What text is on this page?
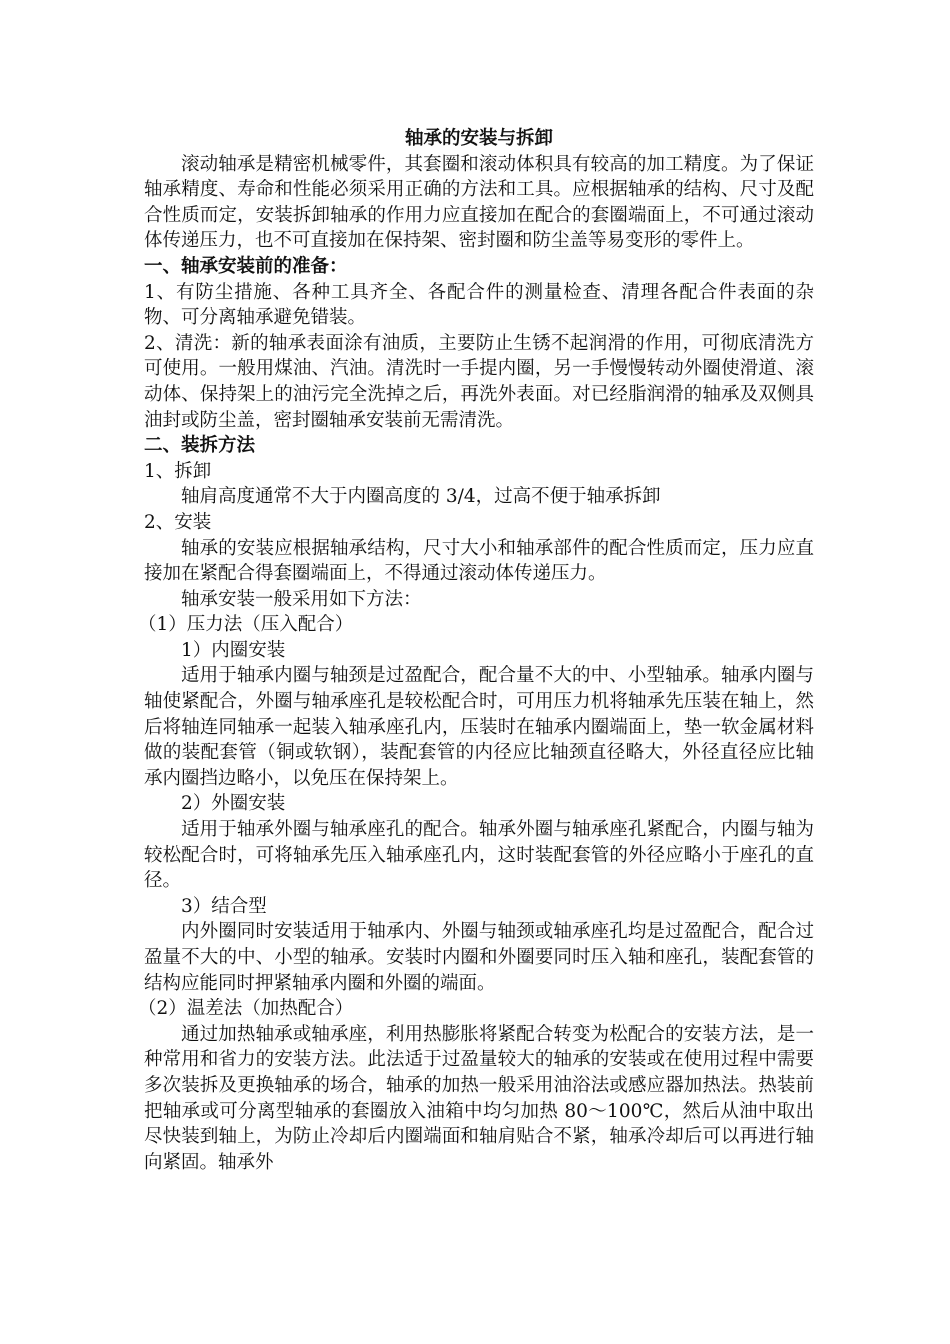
轴承的安装与拆卸

滚动轴承是精密机械零件，其套圈和滚动体积具有较高的加工精度。为了保证轴承精度、寿命和性能必须采用正确的方法和工具。应根据轴承的结构、尺寸及配合性质而定，安装拆卸轴承的作用力应直接加在配合的套圈端面上，不可通过滚动体传递压力，也不可直接加在保持架、密封圈和防尘盖等易变形的零件上。

一、轴承安装前的准备：

1、有防尘措施、各种工具齐全、各配合件的测量检查、清理各配合件表面的杂物、可分离轴承避免错装。

2、清洗：新的轴承表面涂有油质，主要防止生锈不起润滑的作用，可彻底清洗方可使用。一般用煤油、汽油。清洗时一手提内圈，另一手慢慢转动外圈使滑道、滚动体、保持架上的油污完全洗掉之后，再洗外表面。对已经脂润滑的轴承及双侧具油封或防尘盖，密封圈轴承安装前无需清洗。

二、装拆方法

1、拆卸

轴肩高度通常不大于内圈高度的 3/4，过高不便于轴承拆卸

2、安装

轴承的安装应根据轴承结构，尺寸大小和轴承部件的配合性质而定，压力应直接加在紧配合得套圈端面上，不得通过滚动体传递压力。

轴承安装一般采用如下方法：

（1）压力法（压入配合）

1）内圈安装

适用于轴承内圈与轴颈是过盈配合，配合量不大的中、小型轴承。轴承内圈与轴使紧配合，外圈与轴承座孔是较松配合时，可用压力机将轴承先压装在轴上，然后将轴连同轴承一起装入轴承座孔内，压装时在轴承内圈端面上，垫一软金属材料做的装配套管（铜或软钢），装配套管的内径应比轴颈直径略大，外径直径应比轴承内圈挡边略小，以免压在保持架上。

2）外圈安装

适用于轴承外圈与轴承座孔的配合。轴承外圈与轴承座孔紧配合，内圈与轴为较松配合时，可将轴承先压入轴承座孔内，这时装配套管的外径应略小于座孔的直径。

3）结合型

内外圈同时安装适用于轴承内、外圈与轴颈或轴承座孔均是过盈配合，配合过盈量不大的中、小型的轴承。安装时内圈和外圈要同时压入轴和座孔，装配套管的结构应能同时押紧轴承内圈和外圈的端面。

（2）温差法（加热配合）

通过加热轴承或轴承座，利用热膨胀将紧配合转变为松配合的安装方法，是一种常用和省力的安装方法。此法适于过盈量较大的轴承的安装或在使用过程中需要多次装拆及更换轴承的场合，轴承的加热一般采用油浴法或感应器加热法。热装前把轴承或可分离型轴承的套圈放入油箱中均匀加热 80～100℃，然后从油中取出尽快装到轴上，为防止冷却后内圈端面和轴肩贴合不紧，轴承冷却后可以再进行轴向紧固。轴承外
